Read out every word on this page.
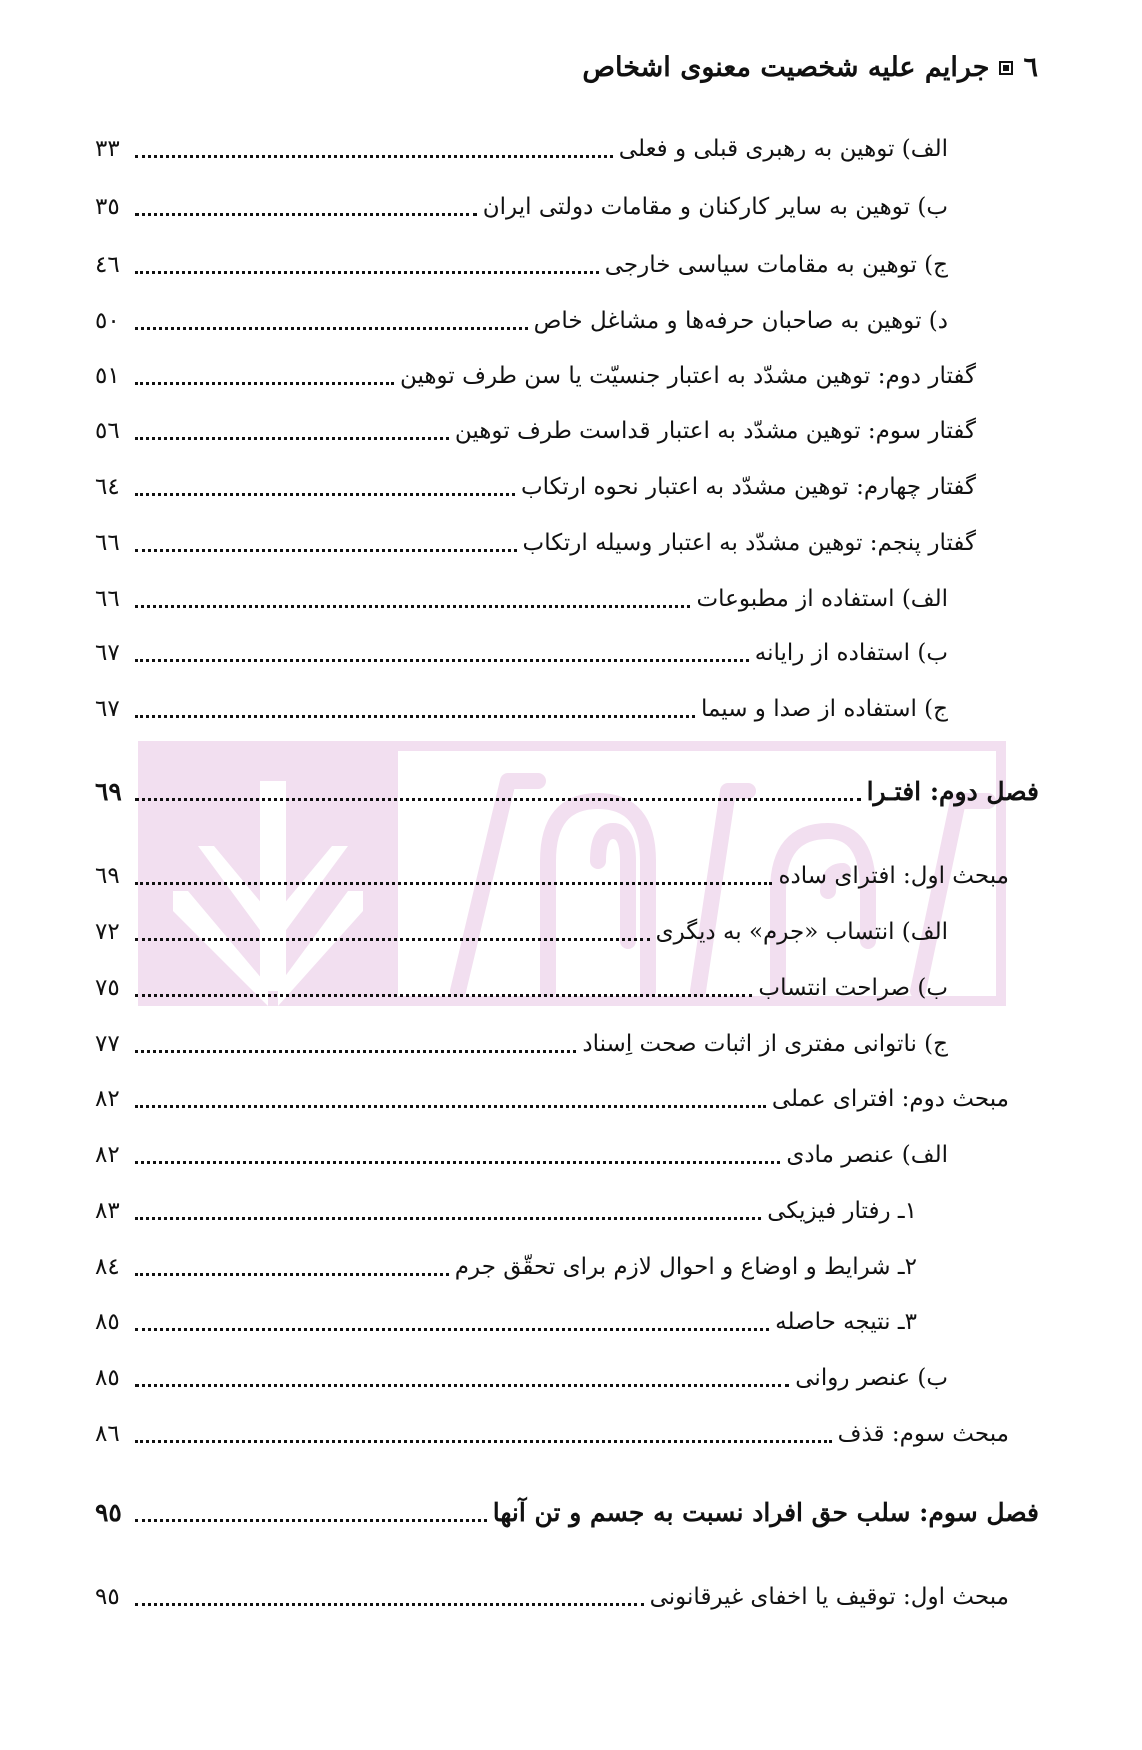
٦
جرایم علیه شخصیت معنوی اشخاص
الف) توهین به رهبری قبلی و فعلی
٣٣
ب) توهین به سایر کارکنان و مقامات دولتی ایران
٣٥
ج) توهین به مقامات سیاسی خارجی
٤٦
د) توهین به صاحبان حرفه‌ها و مشاغل خاص
٥٠
گفتار دوم: توهین مشدّد به اعتبار جنسیّت یا سن طرف توهین
٥١
گفتار سوم: توهین مشدّد به اعتبار قداست طرف توهین
٥٦
گفتار چهارم: توهین مشدّد به اعتبار نحوه ارتکاب
٦٤
گفتار پنجم: توهین مشدّد به اعتبار وسیله ارتکاب
٦٦
الف) استفاده از مطبوعات
٦٦
ب) استفاده از رایانه
٦٧
ج) استفاده از صدا و سیما
٦٧
فصل دوم: افتـرا
٦٩
مبحث اول: افترای ساده
٦٩
الف) انتساب «جرم» به دیگری
٧٢
ب) صراحت انتساب
٧٥
ج) ناتوانی مفتری از اثبات صحت اِسناد
٧٧
مبحث دوم: افترای عملی
٨٢
الف) عنصر مادی
٨٢
١ـ رفتار فیزیکی
٨٣
٢ـ شرایط و اوضاع و احوال لازم برای تحقّق جرم
٨٤
٣ـ نتیجه حاصله
٨٥
ب) عنصر روانی
٨٥
مبحث سوم: قذف
٨٦
فصل سوم: سلب حق افراد نسبت به جسم و تن آنها
٩٥
مبحث اول: توقیف یا اخفای غیرقانونی
٩٥
